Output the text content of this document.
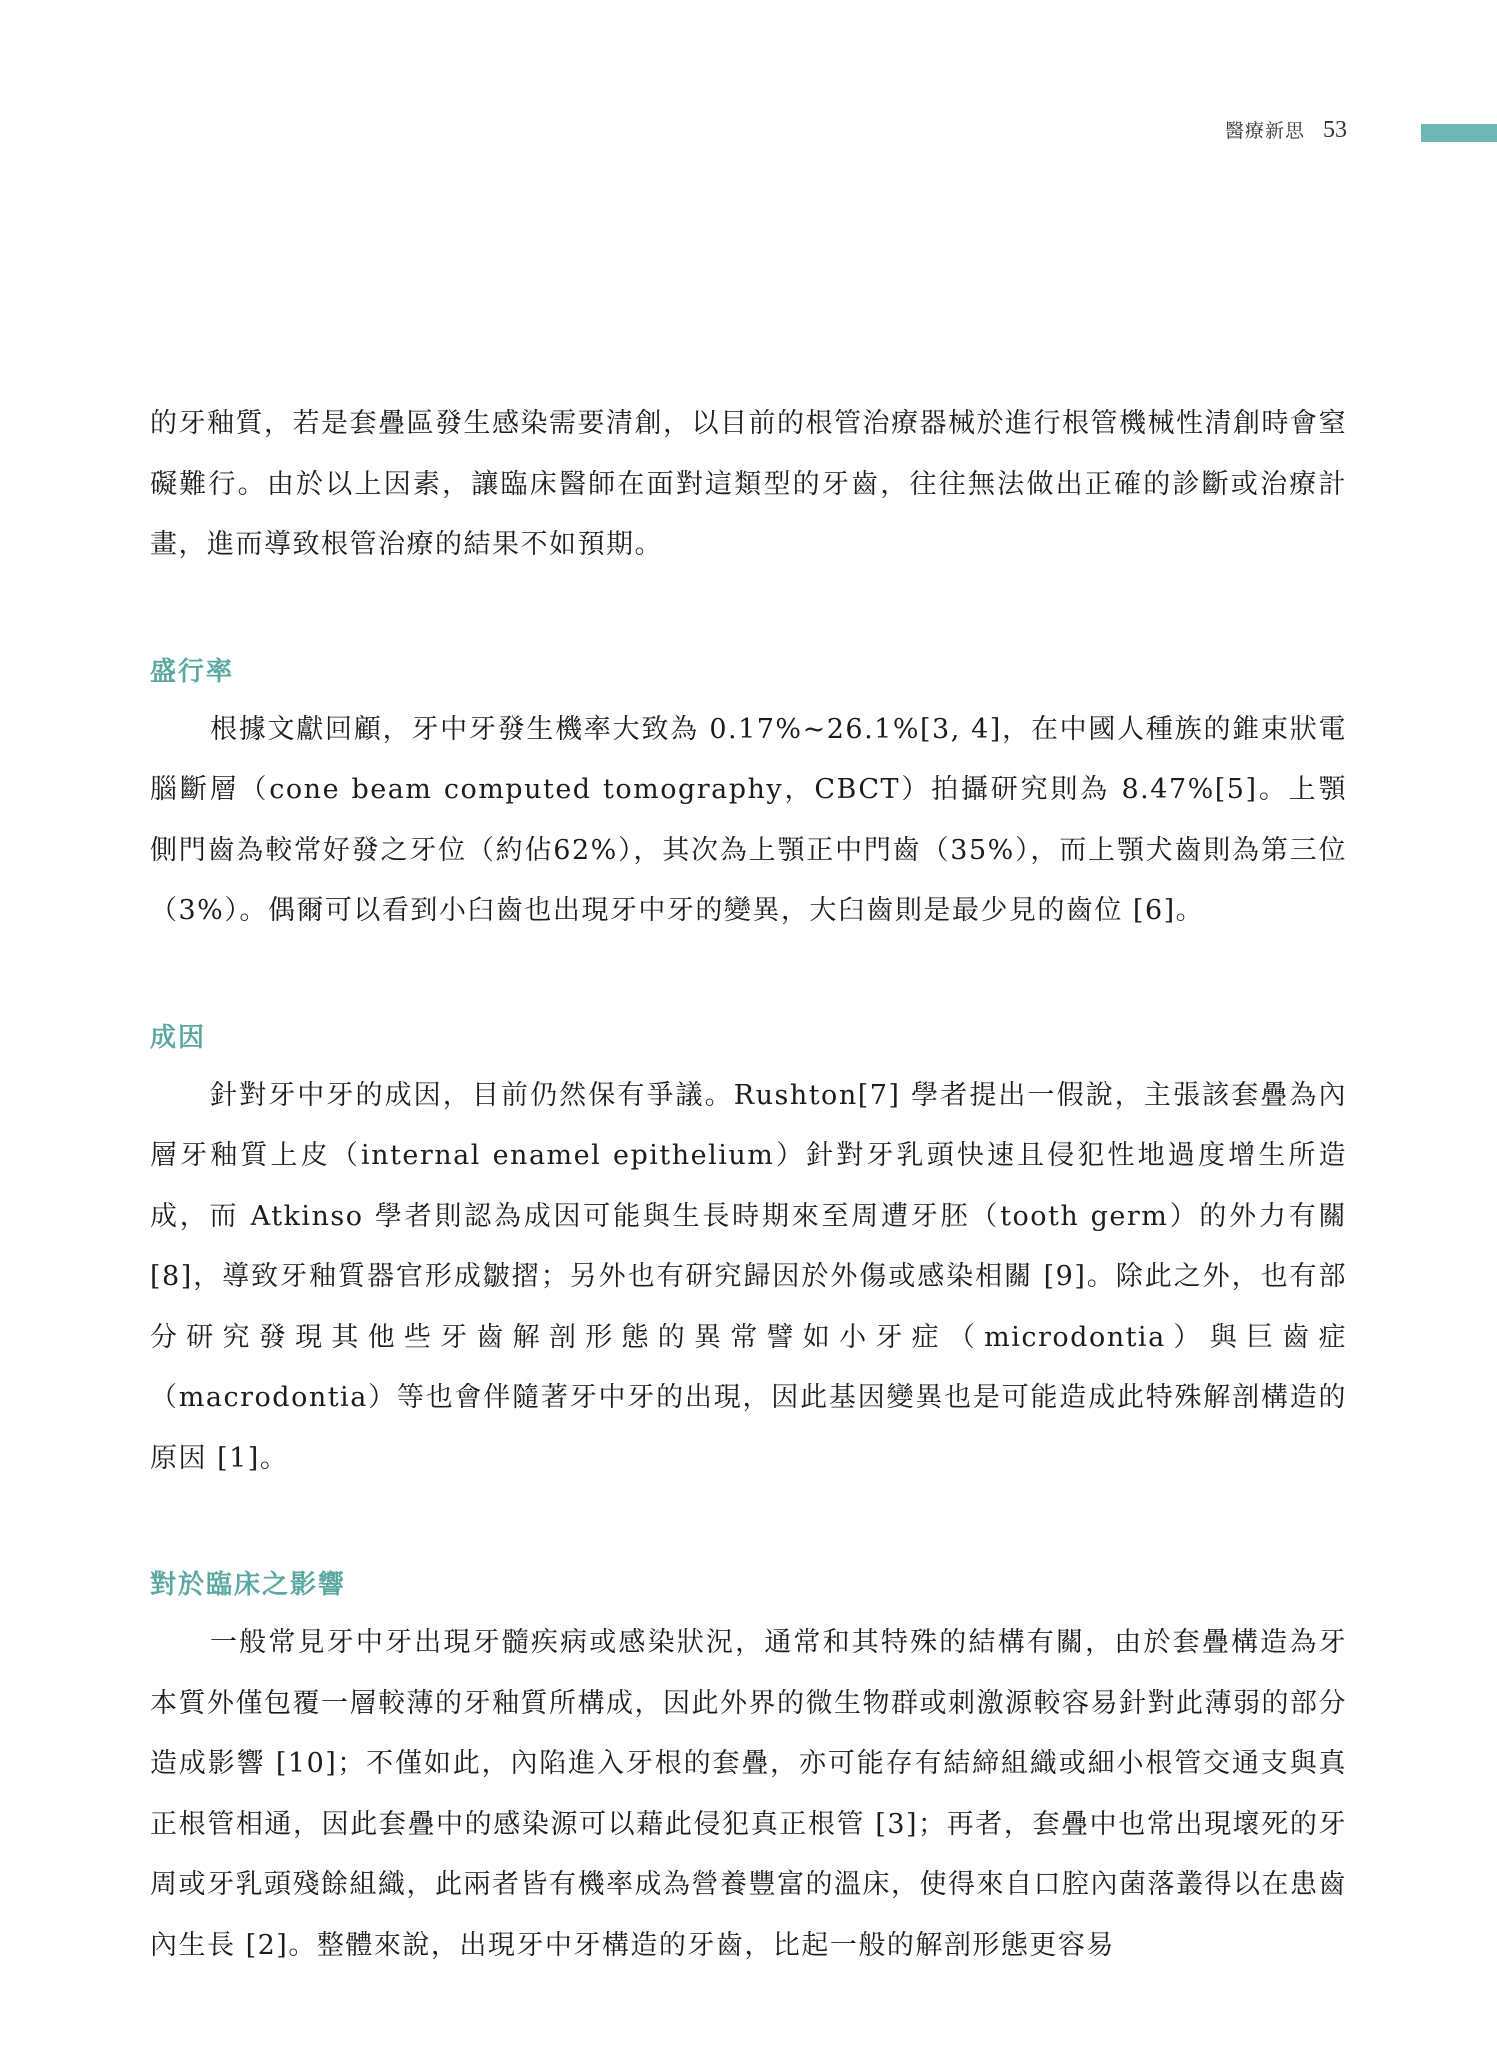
醫療新思 53

的牙釉質，若是套疊區發生感染需要清創，以目前的根管治療器械於進行根管機械性清創時會窒礙難行。由於以上因素，讓臨床醫師在面對這類型的牙齒，往往無法做出正確的診斷或治療計畫，進而導致根管治療的結果不如預期。

盛行率

根據文獻回顧，牙中牙發生機率大致為 0.17%~26.1%[3, 4]，在中國人種族的錐束狀電腦斷層（cone beam computed tomography，CBCT）拍攝研究則為 8.47%[5]。上顎側門齒為較常好發之牙位（約佔62%），其次為上顎正中門齒（35%），而上顎犬齒則為第三位（3%）。偶爾可以看到小臼齒也出現牙中牙的變異，大臼齒則是最少見的齒位 [6]。

成因

針對牙中牙的成因，目前仍然保有爭議。Rushton[7] 學者提出一假說，主張該套疊為內層牙釉質上皮（internal enamel epithelium）針對牙乳頭快速且侵犯性地過度增生所造成，而 Atkinso 學者則認為成因可能與生長時期來至周遭牙胚（tooth germ）的外力有關 [8]，導致牙釉質器官形成皺摺；另外也有研究歸因於外傷或感染相關 [9]。除此之外，也有部分研究發現其他些牙齒解剖形態的異常譬如小牙症（microdontia）與巨齒症（macrodontia）等也會伴隨著牙中牙的出現，因此基因變異也是可能造成此特殊解剖構造的原因 [1]。

對於臨床之影響

一般常見牙中牙出現牙髓疾病或感染狀況，通常和其特殊的結構有關，由於套疊構造為牙本質外僅包覆一層較薄的牙釉質所構成，因此外界的微生物群或刺激源較容易針對此薄弱的部分造成影響 [10]；不僅如此，內陷進入牙根的套疊，亦可能存有結締組織或細小根管交通支與真正根管相通，因此套疊中的感染源可以藉此侵犯真正根管 [3]；再者，套疊中也常出現壞死的牙周或牙乳頭殘餘組織，此兩者皆有機率成為營養豐富的溫床，使得來自口腔內菌落叢得以在患齒內生長 [2]。整體來說，出現牙中牙構造的牙齒，比起一般的解剖形態更容易
